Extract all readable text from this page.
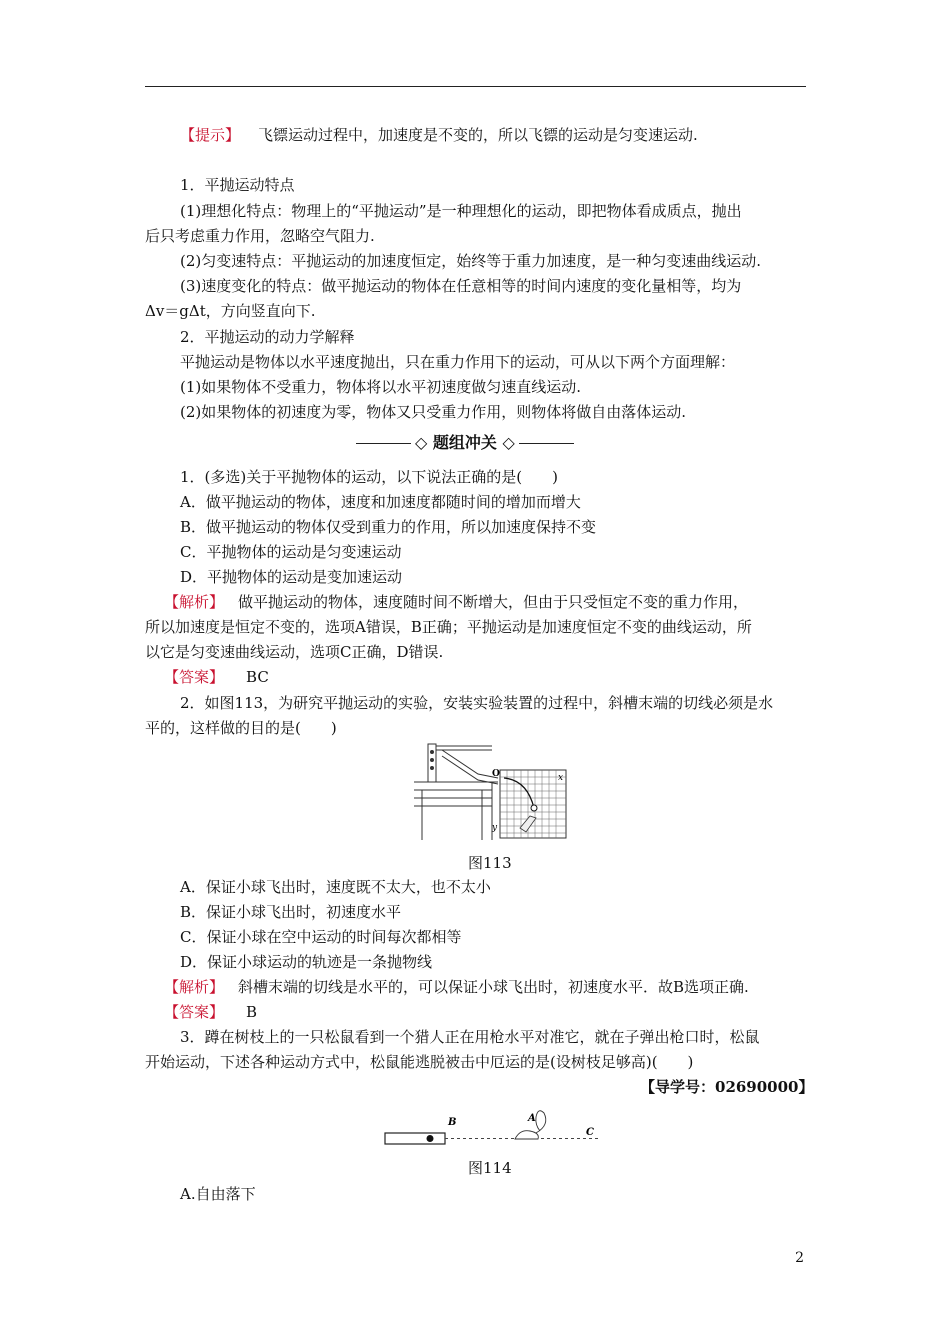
【提示】 飞镖运动过程中，加速度是不变的，所以飞镖的运动是匀变速运动.
1．平抛运动特点
(1)理想化特点：物理上的“平抛运动”是一种理想化的运动，即把物体看成质点，抛出
后只考虑重力作用，忽略空气阻力.
(2)匀变速特点：平抛运动的加速度恒定，始终等于重力加速度，是一种匀变速曲线运动.
(3)速度变化的特点：做平抛运动的物体在任意相等的时间内速度的变化量相等，均为
Δv＝gΔt，方向竖直向下.
2．平抛运动的动力学解释
平抛运动是物体以水平速度抛出，只在重力作用下的运动，可从以下两个方面理解：
(1)如果物体不受重力，物体将以水平初速度做匀速直线运动.
(2)如果物体的初速度为零，物体又只受重力作用，则物体将做自由落体运动.
◇ 题组冲关 ◇
1．(多选)关于平抛物体的运动，以下说法正确的是(　　)
A．做平抛运动的物体，速度和加速度都随时间的增加而增大
B．做平抛运动的物体仅受到重力的作用，所以加速度保持不变
C．平抛物体的运动是匀变速运动
D．平抛物体的运动是变加速运动
【解析】 做平抛运动的物体，速度随时间不断增大，但由于只受恒定不变的重力作用，
所以加速度是恒定不变的，选项A错误，B正确；平抛运动是加速度恒定不变的曲线运动，所
以它是匀变速曲线运动，选项C正确，D错误.
【答案】 BC
2．如图113，为研究平抛运动的实验，安装实验装置的过程中，斜槽末端的切线必须是水
平的，这样做的目的是(　　)
O	x
y
图113
A．保证小球飞出时，速度既不太大，也不太小
B．保证小球飞出时，初速度水平
C．保证小球在空中运动的时间每次都相等
D．保证小球运动的轨迹是一条抛物线
【解析】 斜槽末端的切线是水平的，可以保证小球飞出时，初速度水平．故B选项正确.
【答案】 B
3．蹲在树枝上的一只松鼠看到一个猎人正在用枪水平对准它，就在子弹出枪口时，松鼠
开始运动，下述各种运动方式中，松鼠能逃脱被击中厄运的是(设树枝足够高)(　　)
【导学号：02690000】
B	A
C
图114
A.自由落下
2
